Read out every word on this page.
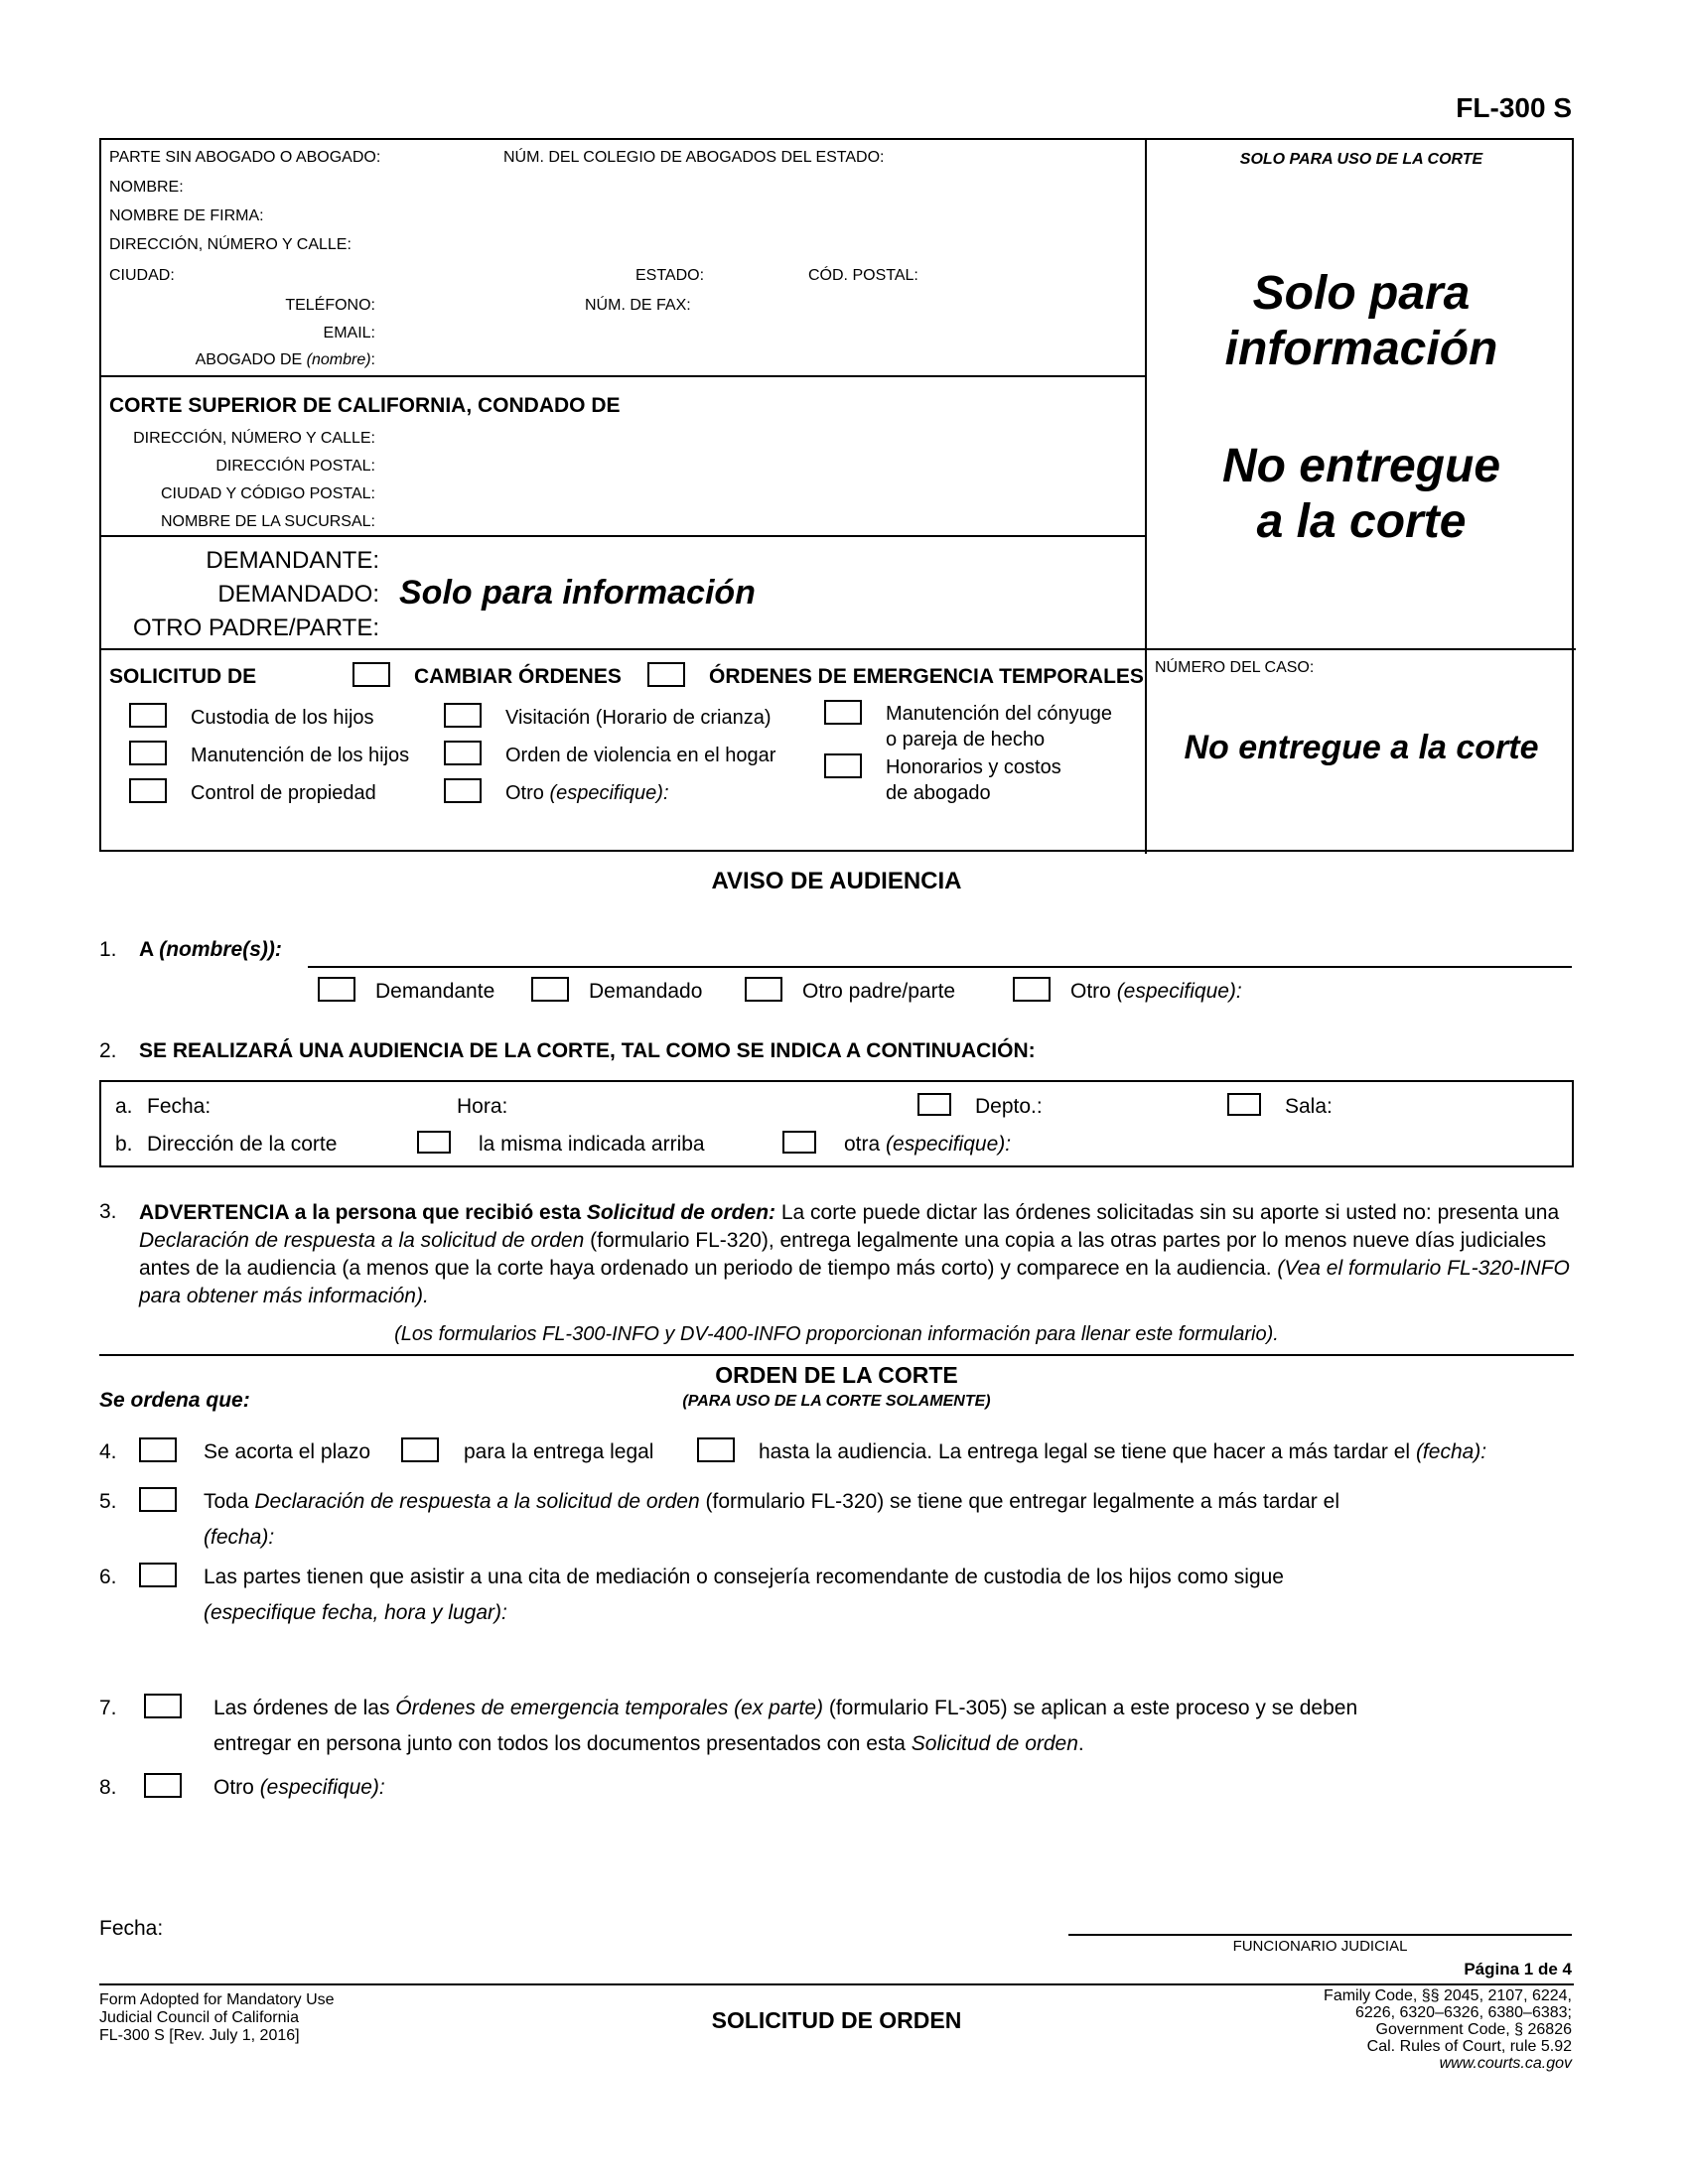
FL-300 S
PARTE SIN ABOGADO O ABOGADO:	NÚM. DEL COLEGIO DE ABOGADOS DEL ESTADO:
NOMBRE:
NOMBRE DE FIRMA:
DIRECCIÓN, NÚMERO Y CALLE:
CIUDAD:	ESTADO:	CÓD. POSTAL:
TELÉFONO:	NÚM. DE FAX:
EMAIL:
ABOGADO DE (nombre):
CORTE SUPERIOR DE CALIFORNIA, CONDADO DE
DIRECCIÓN, NÚMERO Y CALLE:
DIRECCIÓN POSTAL:
CIUDAD Y CÓDIGO POSTAL:
NOMBRE DE LA SUCURSAL:
DEMANDANTE:
DEMANDADO:
OTRO PADRE/PARTE:
Solo para información
SOLICITUD DE	CAMBIAR ÓRDENES	ÓRDENES DE EMERGENCIA TEMPORALES
Custodia de los hijos
Manutención de los hijos
Control de propiedad
Visitación (Horario de crianza)
Orden de violencia en el hogar
Otro (especifique):
Manutención del cónyuge
o pareja de hecho
Honorarios y costos
de abogado
SOLO PARA USO DE LA CORTE
Solo para
información
No entregue
a la corte
NÚMERO DEL CASO:
No entregue a la corte
AVISO DE AUDIENCIA
1. A (nombre(s)):
Demandante	Demandado	Otro padre/parte	Otro (especifique):
2. SE REALIZARÁ UNA AUDIENCIA DE LA CORTE, TAL COMO SE INDICA A CONTINUACIÓN:
a. Fecha:	Hora:	Depto.:	Sala:
b. Dirección de la corte	la misma indicada arriba	otra (especifique):
3. ADVERTENCIA a la persona que recibió esta Solicitud de orden: La corte puede dictar las órdenes solicitadas sin su aporte si usted no: presenta una Declaración de respuesta a la solicitud de orden (formulario FL-320), entrega legalmente una copia a las otras partes por lo menos nueve días judiciales antes de la audiencia (a menos que la corte haya ordenado un periodo de tiempo más corto) y comparece en la audiencia. (Vea el formulario FL-320-INFO para obtener más información).
(Los formularios FL-300-INFO y DV-400-INFO proporcionan información para llenar este formulario).
ORDEN DE LA CORTE
(PARA USO DE LA CORTE SOLAMENTE)
Se ordena que:
4.	Se acorta el plazo	para la entrega legal	hasta la audiencia. La entrega legal se tiene que hacer a más tardar el (fecha):
5.	Toda Declaración de respuesta a la solicitud de orden (formulario FL-320) se tiene que entregar legalmente a más tardar el
(fecha):
6.	Las partes tienen que asistir a una cita de mediación o consejería recomendante de custodia de los hijos como sigue
(especifique fecha, hora y lugar):
7.	Las órdenes de las Órdenes de emergencia temporales (ex parte) (formulario FL-305) se aplican a este proceso y se deben
entregar en persona junto con todos los documentos presentados con esta Solicitud de orden.
8.	Otro (especifique):
Fecha:
FUNCIONARIO JUDICIAL
Página 1 de 4
Form Adopted for Mandatory Use
Judicial Council of California
FL-300 S [Rev. July 1, 2016]
SOLICITUD DE ORDEN
Family Code, §§ 2045, 2107, 6224,
6226, 6320–6326, 6380–6383;
Government Code, § 26826
Cal. Rules of Court, rule 5.92
www.courts.ca.gov
